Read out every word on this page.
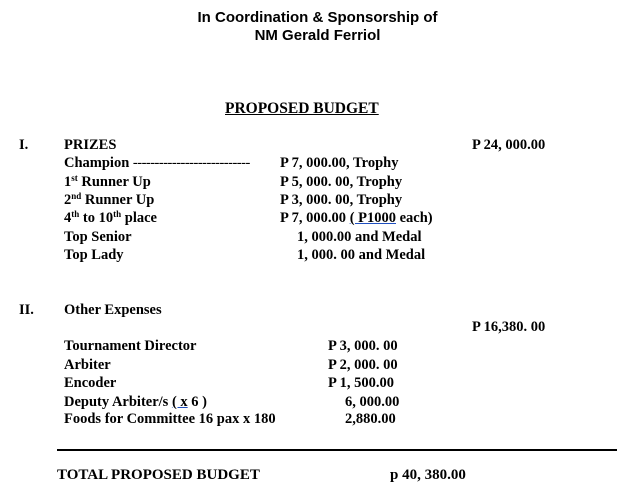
In Coordination & Sponsorship of
NM Gerald Ferriol
PROPOSED BUDGET
I. PRIZES	P 24, 000.00
Champion --------------------------- P 7, 000.00, Trophy
1st Runner Up	P 5, 000. 00, Trophy
2nd Runner Up	P 3, 000. 00, Trophy
4th to 10th place	P 7, 000.00 ( P1000 each)
Top Senior	1, 000.00 and Medal
Top Lady	1, 000. 00 and Medal
II. Other Expenses
P 16,380. 00
Tournament Director	P 3, 000. 00
Arbiter	P 2, 000. 00
Encoder	P 1, 500.00
Deputy Arbiter/s ( x 6 )	6, 000.00
Foods for Committee 16 pax x 180	2,880.00
TOTAL PROPOSED BUDGET	p 40, 380.00
